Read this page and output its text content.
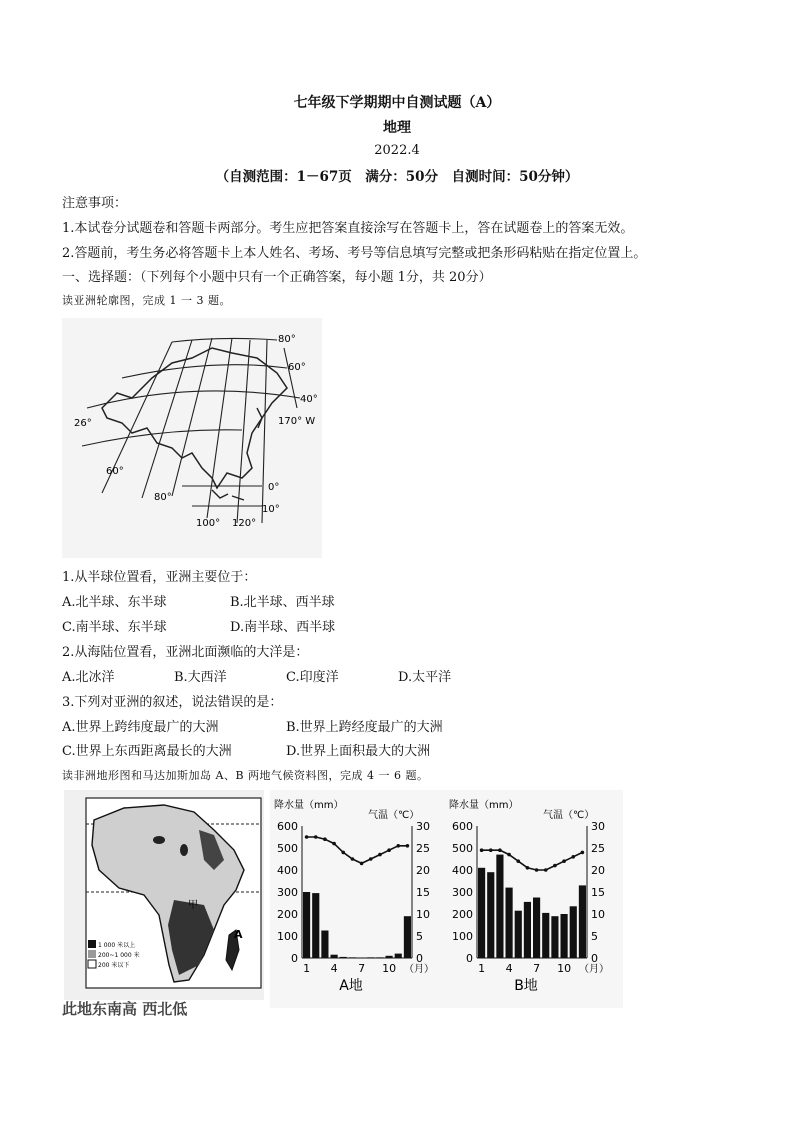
七年级下学期期中自测试题（A）
地理
2022.4
（自测范围：1－67页　满分：50分　自测时间：50分钟）
注意事项：
1.本试卷分试题卷和答题卡两部分。考生应把答案直接涂写在答题卡上，答在试题卷上的答案无效。
2.答题前，考生务必将答题卡上本人姓名、考场、考号等信息填写完整或把条形码粘贴在指定位置上。
一、选择题：（下列每个小题中只有一个正确答案，每小题 1分，共 20分）
读亚洲轮廓图，完成 1 一 3 题。
80°
60°
40°
170° W
26°
60°
80°
0°
10°
100° 120°
1.从半球位置看，亚洲主要位于：
A.北半球、东半球	B.北半球、西半球
C.南半球、东半球	D.南半球、西半球
2.从海陆位置看，亚洲北面濒临的大洋是：
A.北冰洋	B.大西洋	C.印度洋	D.太平洋
3.下列对亚洲的叙述，说法错误的是：
A.世界上跨纬度最广的大洲	B.世界上跨经度最广的大洲
C.世界上东西距离最长的大洲	D.世界上面积最大的大洲
读非洲地形图和马达加斯加岛 A、B 两地气候资料图，完成 4 一 6 题。
甲
A
1 000 米以上
200~1 000 米
200 米以下
降水量（mm）
气温（℃）
0
100
200
300
400
500
600
0
5
10
15
20
25
30
1 4 7 10 （月）
A地
降水量（mm）
气温（℃）
0
100
200
300
400
500
600
0
5
10
15
20
25
30
1 4 7 10 （月）
B地
此地东南高 西北低
